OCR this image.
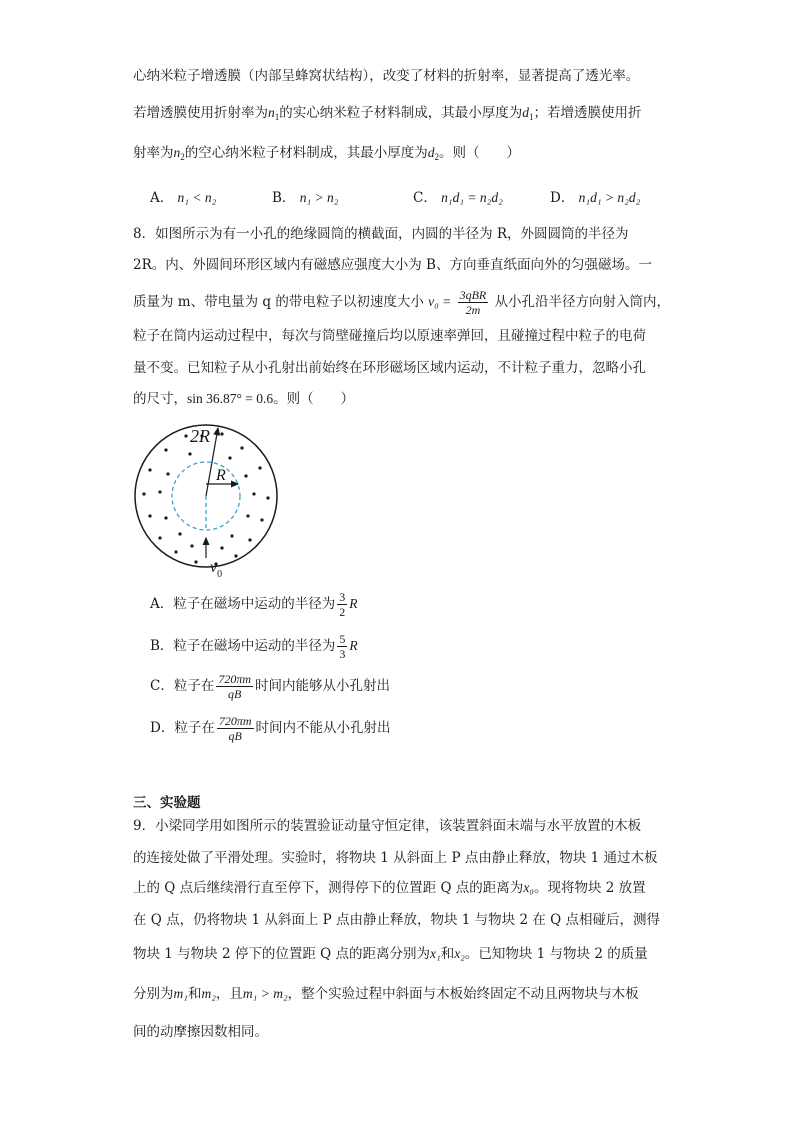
心纳米粒子增透膜（内部呈蜂窝状结构），改变了材料的折射率，显著提高了透光率。
若增透膜使用折射率为$n_1$的实心纳米粒子材料制成，其最小厚度为$d_1$；若增透膜使用折
射率为$n_2$的空心纳米粒子材料制成，其最小厚度为$d_2$。则（　　）
A． n₁ < n₂	B． n₁ > n₂	C． n₁d₁ = n₂d₂	D． n₁d₁ > n₂d₂
8．如图所示为有一小孔的绝缘圆筒的横截面，内圆的半径为 R，外圆圆筒的半径为
2R。内、外圆间环形区域内有磁感应强度大小为 B、方向垂直纸面向外的匀强磁场。一
质量为 m、带电量为 q 的带电粒子以初速度大小 $v_0 = \frac{\text{3qBR}}{2m}$ 从小孔沿半径方向射入筒内，
粒子在筒内运动过程中，每次与筒壁碰撞后均以原速率弹回，且碰撞过程中粒子的电荷
量不变。已知粒子从小孔射出前始终在环形磁场区域内运动，不计粒子重力，忽略小孔
的尺寸，sin 36.87° = 0.6。则（　　）
2R
R
$v_0$
A．粒子在磁场中运动的半径为 $\frac{3}{2}$ R
B．粒子在磁场中运动的半径为 $\frac{5}{3}$ R
C．粒子在 $\frac{720\pi m}{qB}$ 时间内能够从小孔射出
D．粒子在 $\frac{720\pi m}{qB}$ 时间内不能从小孔射出
三、实验题
9．小梁同学用如图所示的装置验证动量守恒定律，该装置斜面末端与水平放置的木板
的连接处做了平滑处理。实验时，将物块 1 从斜面上 P 点由静止释放，物块 1 通过木板
上的 Q 点后继续滑行直至停下，测得停下的位置距 Q 点的距离为x₀。现将物块 2 放置
在 Q 点，仍将物块 1 从斜面上 P 点由静止释放，物块 1 与物块 2 在 Q 点相碰后，测得
物块 1 与物块 2 停下的位置距 Q 点的距离分别为x₁和x₂。已知物块 1 与物块 2 的质量
分别为m₁和m₂，且m₁ > m₂，整个实验过程中斜面与木板始终固定不动且两物块与木板
间的动摩擦因数相同。
